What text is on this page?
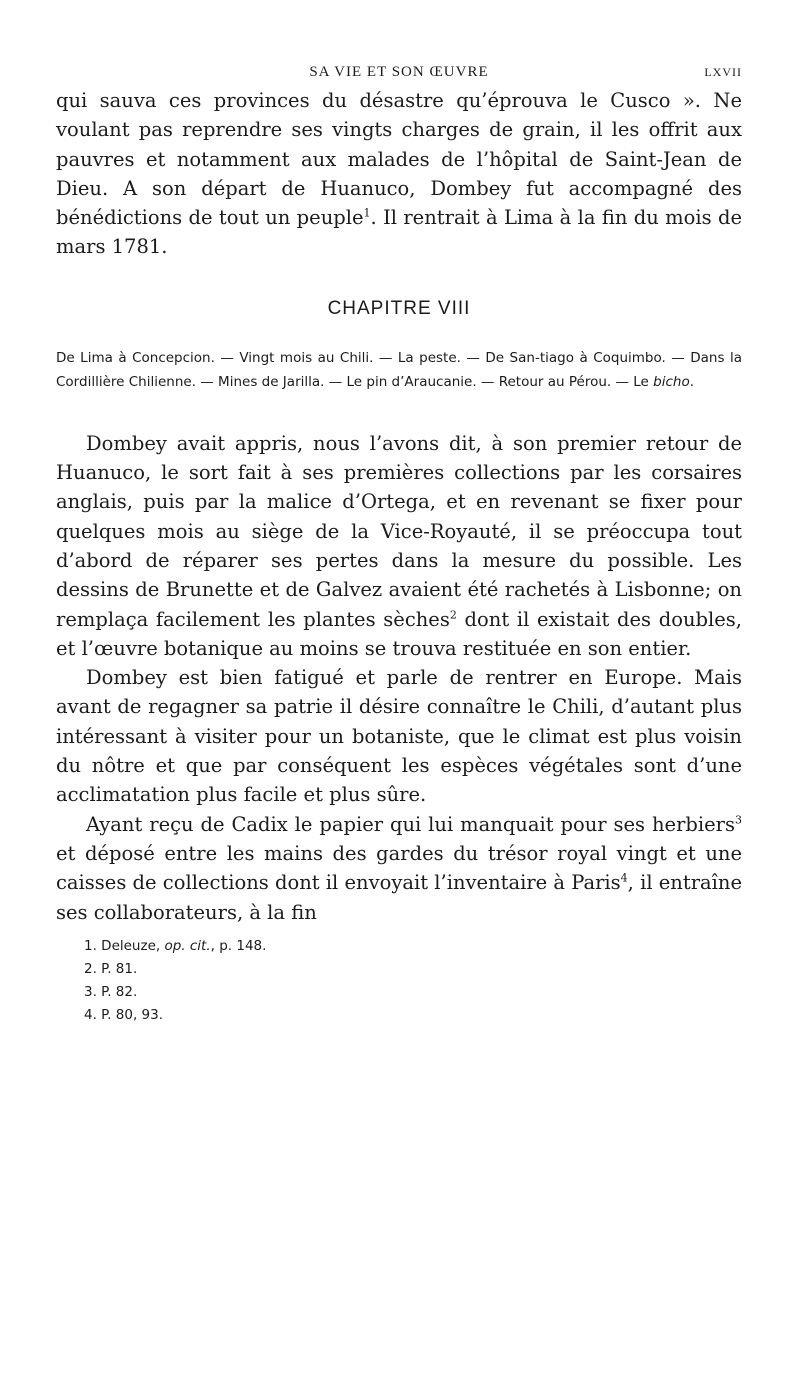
SA VIE ET SON ŒUVRE	LXVII

qui sauva ces provinces du désastre qu’éprouva le Cusco ». Ne voulant pas reprendre ses vingts charges de grain, il les offrit aux pauvres et notamment aux malades de l’hôpital de Saint-Jean de Dieu. A son départ de Huanuco, Dombey fut accompagné des bénédictions de tout un peuple$^1$. Il rentrait à Lima à la fin du mois de mars 1781.

CHAPITRE VIII

De Lima à Concepcion. — Vingt mois au Chili. — La peste. — De San-tiago à Coquimbo. — Dans la Cordillière Chilienne. — Mines de Jarilla. — Le pin d’Araucanie. — Retour au Pérou. — Le bicho.

Dombey avait appris, nous l’avons dit, à son premier retour de Huanuco, le sort fait à ses premières collections par les corsaires anglais, puis par la malice d’Ortega, et en revenant se fixer pour quelques mois au siège de la Vice-Royauté, il se préoccupa tout d’abord de réparer ses pertes dans la mesure du possible. Les dessins de Brunette et de Galvez avaient été rachetés à Lisbonne; on remplaça facilement les plantes sèches$^2$ dont il existait des doubles, et l’œuvre botanique au moins se trouva restituée en son entier.

Dombey est bien fatigué et parle de rentrer en Europe. Mais avant de regagner sa patrie il désire connaître le Chili, d’autant plus intéressant à visiter pour un botaniste, que le climat est plus voisin du nôtre et que par conséquent les espèces végétales sont d’une acclimatation plus facile et plus sûre.

Ayant reçu de Cadix le papier qui lui manquait pour ses herbiers$^3$ et déposé entre les mains des gardes du trésor royal vingt et une caisses de collections dont il envoyait l’inventaire à Paris$^4$, il entraîne ses collaborateurs, à la fin

1. Deleuze, op. cit., p. 148.
2. P. 81.
3. P. 82.
4. P. 80, 93.
